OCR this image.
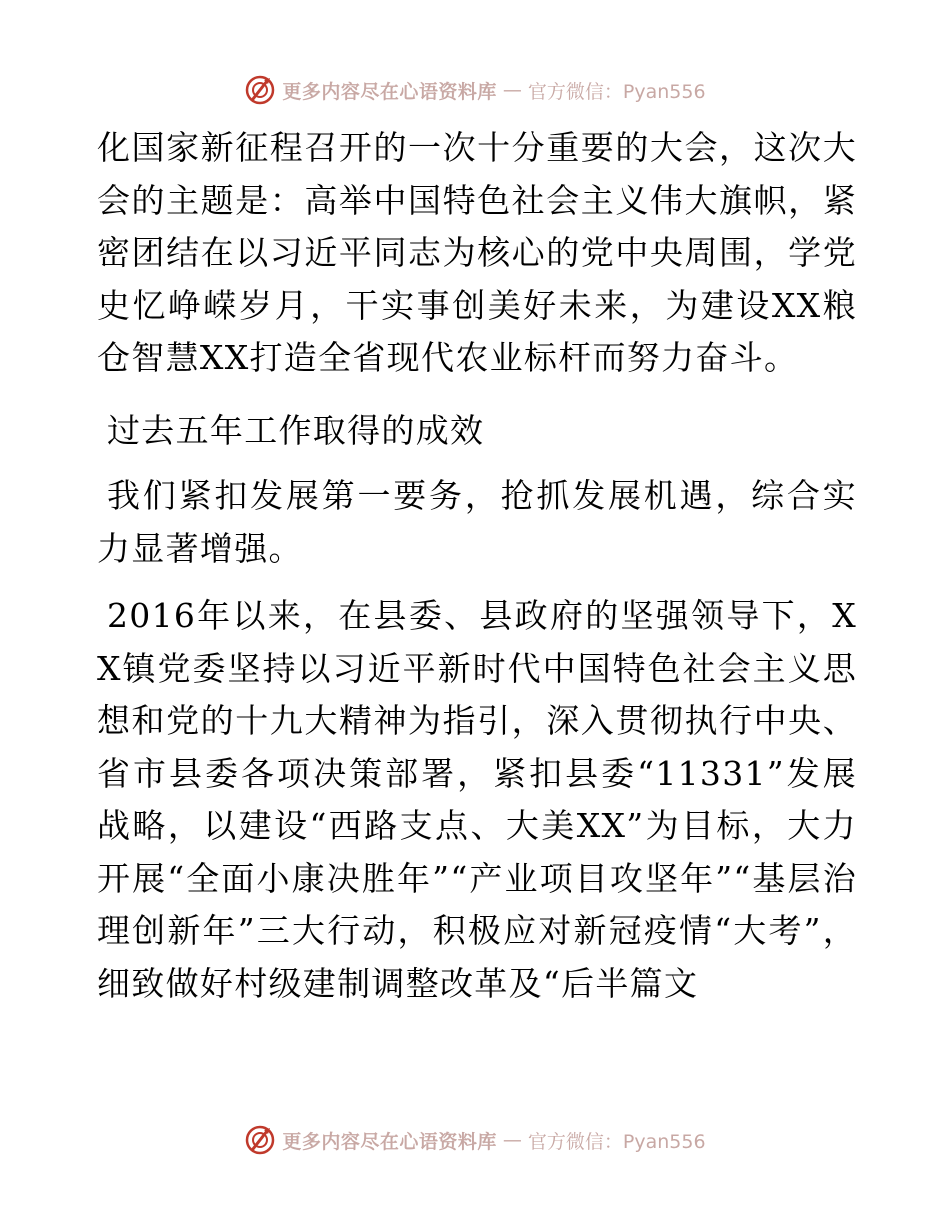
更多内容尽在心语资料库 — 官方微信：Pyan556

化国家新征程召开的一次十分重要的大会，这次大会的主题是：高举中国特色社会主义伟大旗帜，紧密团结在以习近平同志为核心的党中央周围，学党史忆峥嵘岁月，干实事创美好未来，为建设XX粮仓智慧XX打造全省现代农业标杆而努力奋斗。

过去五年工作取得的成效

我们紧扣发展第一要务，抢抓发展机遇，综合实力显著增强。

2016年以来，在县委、县政府的坚强领导下，XX镇党委坚持以习近平新时代中国特色社会主义思想和党的十九大精神为指引，深入贯彻执行中央、省市县委各项决策部署，紧扣县委“11331”发展战略，以建设“西路支点、大美XX”为目标，大力开展“全面小康决胜年”“产业项目攻坚年”“基层治理创新年”三大行动，积极应对新冠疫情“大考”，细致做好村级建制调整改革及“后半篇文

更多内容尽在心语资料库 — 官方微信：Pyan556
